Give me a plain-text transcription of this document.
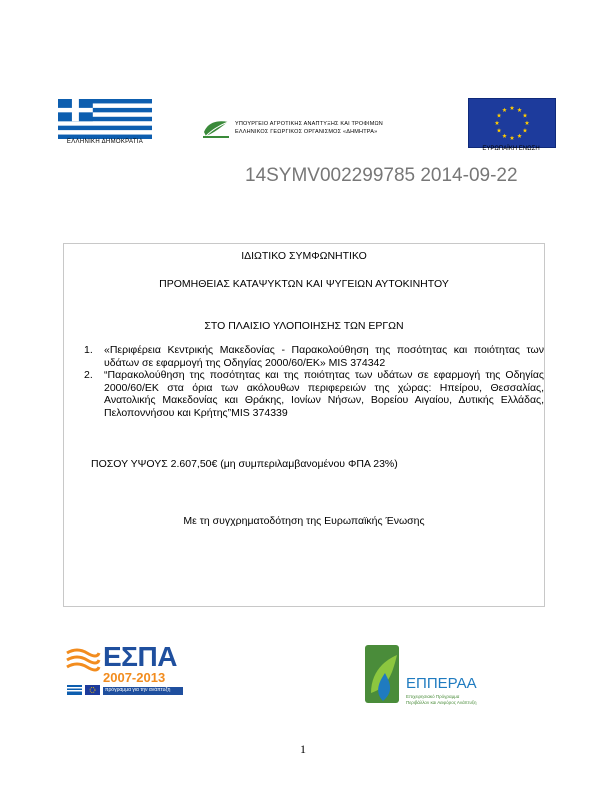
ΕΛΛΗΝΙΚΗ ΔΗΜΟΚΡΑΤΙΑ
ΥΠΟΥΡΓΕΙΟ ΑΓΡΟΤΙΚΗΣ ΑΝΑΠΤΥΞΗΣ ΚΑΙ ΤΡΟΦΙΜΩΝ
ΕΛΛΗΝΙΚΟΣ ΓΕΩΡΓΙΚΟΣ ΟΡΓΑΝΙΣΜΟΣ «ΔΗΜΗΤΡΑ»
ΕΥΡΩΠΑΪΚΗ ΕΝΩΣΗ
14SYMV002299785 2014-09-22
ΙΔΙΩΤΙΚΟ ΣΥΜΦΩΝΗΤΙΚΟ
ΠΡΟΜΗΘΕΙΑΣ ΚΑΤΑΨΥΚΤΩΝ ΚΑΙ ΨΥΓΕΙΩΝ ΑΥΤΟΚΙΝΗΤΟΥ
ΣΤΟ ΠΛΑΙΣΙΟ ΥΛΟΠΟΙΗΣΗΣ ΤΩΝ ΕΡΓΩΝ
1. «Περιφέρεια Κεντρικής Μακεδονίας - Παρακολούθηση της ποσότητας και ποιότητας των υδάτων σε εφαρμογή της Οδηγίας 2000/60/ΕΚ» MIS 374342
2. “Παρακολούθηση της ποσότητας και της ποιότητας των υδάτων σε εφαρμογή της Οδηγίας 2000/60/ΕΚ στα όρια των ακόλουθων περιφερειών της χώρας: Ηπείρου, Θεσσαλίας, Ανατολικής Μακεδονίας και Θράκης, Ιονίων Νήσων, Βορείου Αιγαίου, Δυτικής Ελλάδας, Πελοποννήσου και Κρήτης”MIS 374339
ΠΟΣΟΥ ΥΨΟΥΣ 2.607,50€ (μη συμπεριλαμβανομένου ΦΠΑ 23%)
Με τη συγχρηματοδότηση της Ευρωπαϊκής Ένωσης
ΕΣΠΑ
2007-2013
πρόγραμμα για την ανάπτυξη	ΕΠΠΕΡΑΑ
Επιχειρησιακό Πρόγραμμα
Περιβάλλον και Αειφόρος Ανάπτυξη
1
